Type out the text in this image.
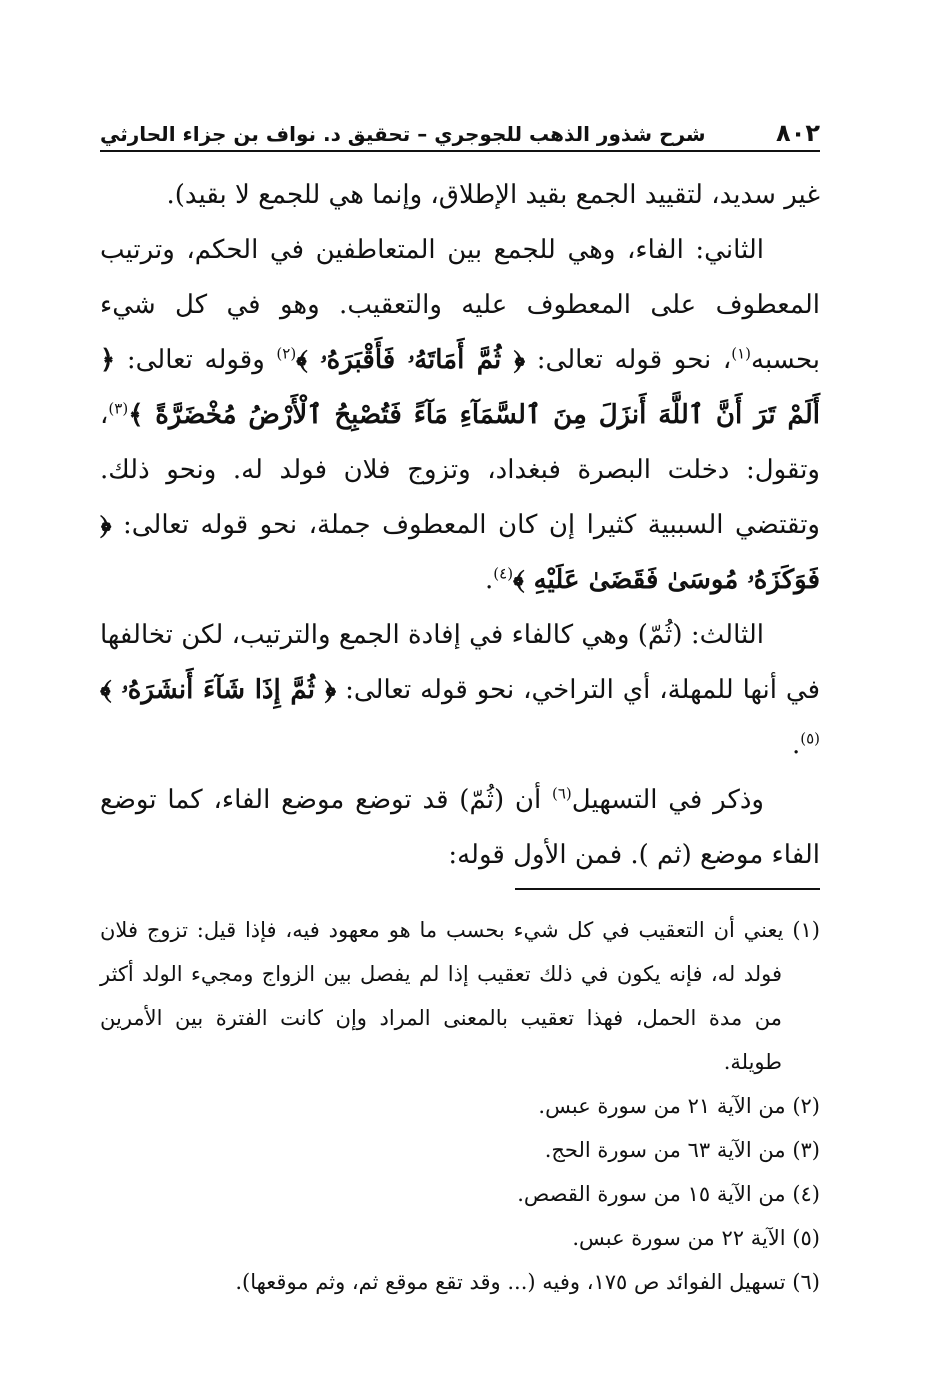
٨٠٢
شرح شذور الذهب للجوجري – تحقيق د. نواف بن جزاء الحارثي

غير سديد، لتقييد الجمع بقيد الإطلاق، وإنما هي للجمع لا بقيد).

الثاني: الفاء، وهي للجمع بين المتعاطفين في الحكم، وترتيب المعطوف على المعطوف عليه والتعقيب. وهو في كل شيء بحسبه$^{(١)}$، نحو قوله تعالى: ﴿ ثُمَّ أَمَاتَهُۥ فَأَقْبَرَهُۥ ﴾$^{(٢)}$ وقوله تعالى: ﴿ أَلَمْ تَرَ أَنَّ ٱللَّهَ أَنزَلَ مِنَ ٱلسَّمَآءِ مَآءً فَتُصْبِحُ ٱلْأَرْضُ مُخْضَرَّةً ﴾$^{(٣)}$، وتقول: دخلت البصرة فبغداد، وتزوج فلان فولد له. ونحو ذلك. وتقتضي السببية كثيرا إن كان المعطوف جملة، نحو قوله تعالى: ﴿ فَوَكَزَهُۥ مُوسَىٰ فَقَضَىٰ عَلَيْهِ ﴾$^{(٤)}$.

الثالث: (ثُمّ) وهي كالفاء في إفادة الجمع والترتيب، لكن تخالفها في أنها للمهلة، أي التراخي، نحو قوله تعالى: ﴿ ثُمَّ إِذَا شَآءَ أَنشَرَهُۥ ﴾$^{(٥)}$.

وذكر في التسهيل$^{(٦)}$ أن (ثُمّ) قد توضع موضع الفاء، كما توضع الفاء موضع (ثم ). فمن الأول قوله:

(١) يعني أن التعقيب في كل شيء بحسب ما هو معهود فيه، فإذا قيل: تزوج فلان فولد له، فإنه يكون في ذلك تعقيب إذا لم يفصل بين الزواج ومجيء الولد أكثر من مدة الحمل، فهذا تعقيب بالمعنى المراد وإن كانت الفترة بين الأمرين طويلة.

(٢) من الآية ٢١ من سورة عبس.

(٣) من الآية ٦٣ من سورة الحج.

(٤) من الآية ١٥ من سورة القصص.

(٥) الآية ٢٢ من سورة عبس.

(٦) تسهيل الفوائد ص ١٧٥، وفيه (... وقد تقع موقع ثم، وثم موقعها).
